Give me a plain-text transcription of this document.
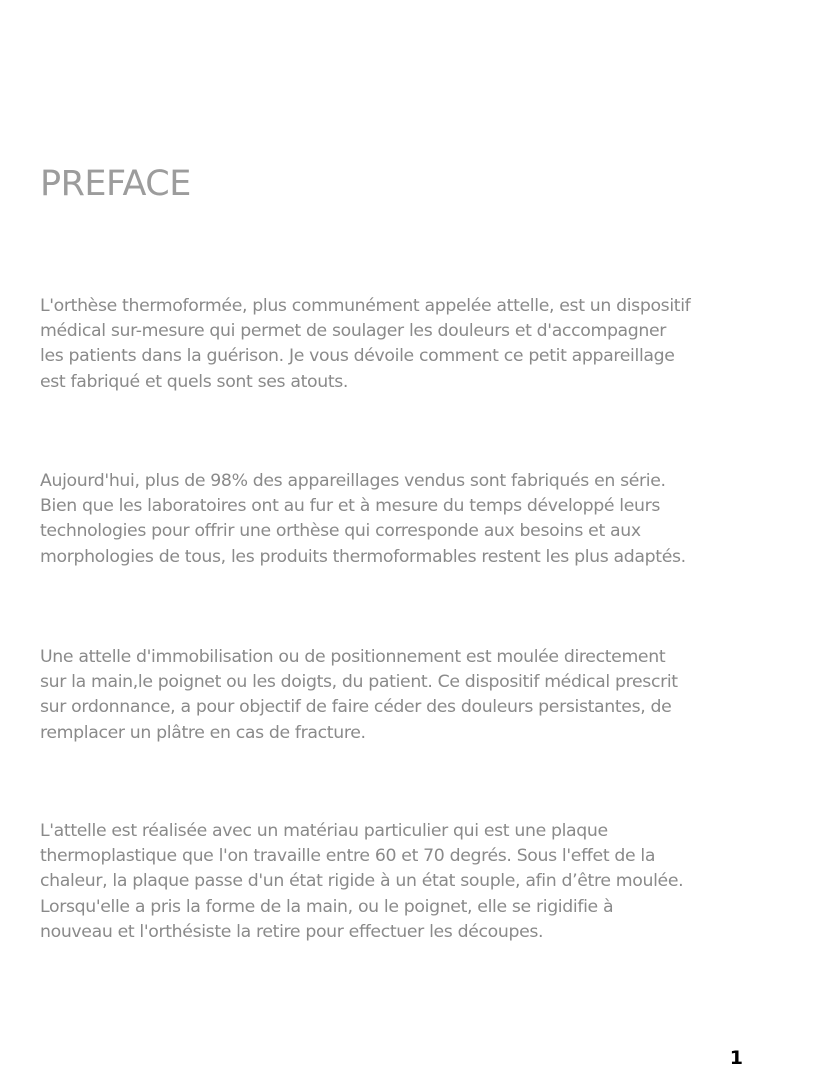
PREFACE

L'orthèse thermoformée, plus communément appelée attelle, est un dispositif
médical sur-mesure qui permet de soulager les douleurs et d'accompagner
les patients dans la guérison. Je vous dévoile comment ce petit appareillage
est fabriqué et quels sont ses atouts.

Aujourd'hui, plus de 98% des appareillages vendus sont fabriqués en série.
Bien que les laboratoires ont au fur et à mesure du temps développé leurs
technologies pour offrir une orthèse qui corresponde aux besoins et aux
morphologies de tous, les produits thermoformables restent les plus adaptés.

Une attelle d'immobilisation ou de positionnement est moulée directement
sur la main,le poignet ou les doigts, du patient. Ce dispositif médical prescrit
sur ordonnance, a pour objectif de faire céder des douleurs persistantes, de
remplacer un plâtre en cas de fracture.

L'attelle est réalisée avec un matériau particulier qui est une plaque
thermoplastique que l'on travaille entre 60 et 70 degrés. Sous l'effet de la
chaleur, la plaque passe d'un état rigide à un état souple, afin d’être moulée.
Lorsqu'elle a pris la forme de la main, ou le poignet, elle se rigidifie à
nouveau et l'orthésiste la retire pour effectuer les découpes.

1
